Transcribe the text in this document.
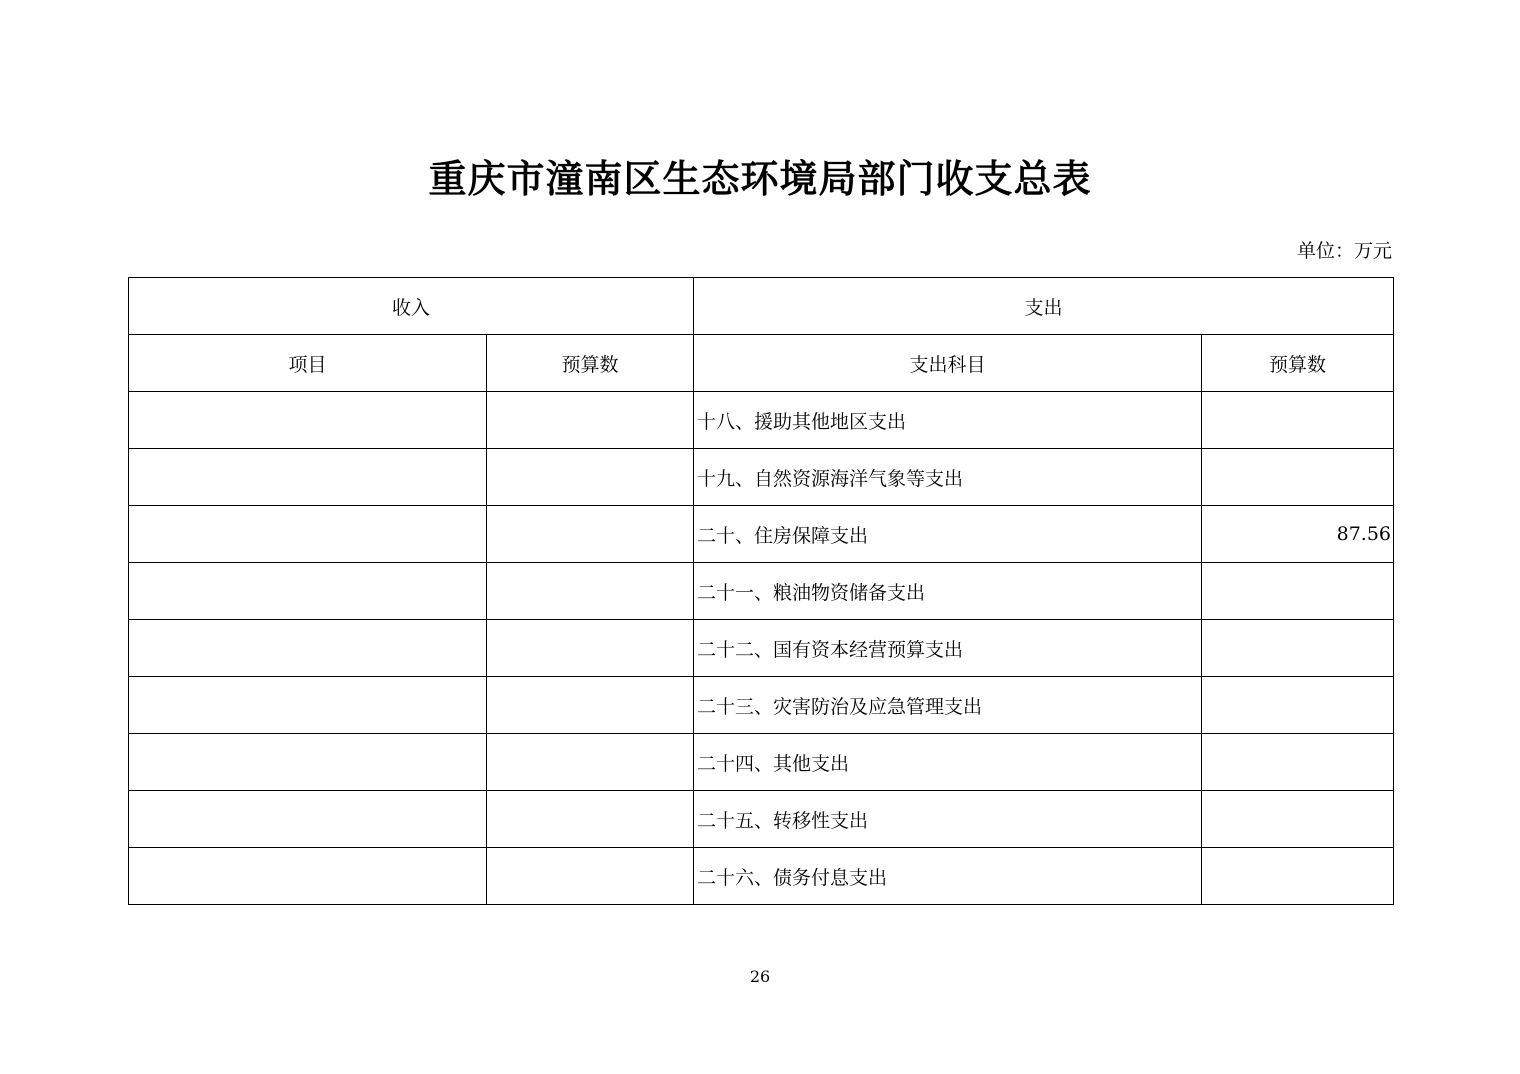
重庆市潼南区生态环境局部门收支总表
单位：万元
收入		支出	
项目	预算数	支出科目	预算数
		十八、援助其他地区支出	
		十九、自然资源海洋气象等支出	
		二十、住房保障支出	87.56
		二十一、粮油物资储备支出	
		二十二、国有资本经营预算支出	
		二十三、灾害防治及应急管理支出	
		二十四、其他支出	
		二十五、转移性支出	
		二十六、债务付息支出	
26
